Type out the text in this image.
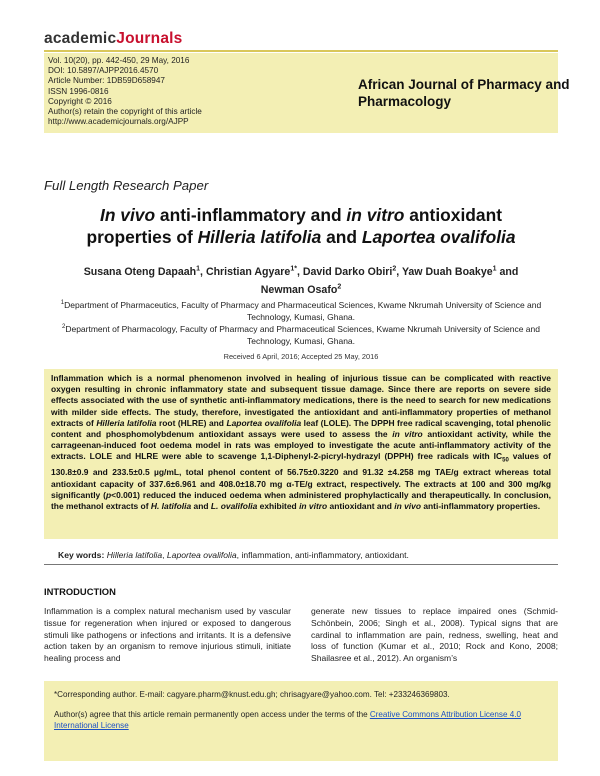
academicJournals
Vol. 10(20), pp. 442-450, 29 May, 2016
DOI: 10.5897/AJPP2016.4570
Article Number: 1DB59D658947
ISSN 1996-0816
Copyright © 2016
Author(s) retain the copyright of this article
http://www.academicjournals.org/AJPP
African Journal of Pharmacy and
Pharmacology
Full Length Research Paper
In vivo anti-inflammatory and in vitro antioxidant
properties of Hilleria latifolia and Laportea ovalifolia
Susana Oteng Dapaah$^1$, Christian Agyare$^{1*}$, David Darko Obiri$^2$, Yaw Duah Boakye$^1$ and
Newman Osafo$^2$
$^1$Department of Pharmaceutics, Faculty of Pharmacy and Pharmaceutical Sciences, Kwame Nkrumah University of Science and Technology, Kumasi, Ghana.
$^2$Department of Pharmacology, Faculty of Pharmacy and Pharmaceutical Sciences, Kwame Nkrumah University of Science and Technology, Kumasi, Ghana.
Received 6 April, 2016; Accepted 25 May, 2016

Inflammation which is a normal phenomenon involved in healing of injurious tissue can be complicated with reactive oxygen resulting in chronic inflammatory state and subsequent tissue damage. Since there are reports on severe side effects associated with the use of synthetic anti-inflammatory medications, there is the need to search for new medications with milder side effects. The study, therefore, investigated the antioxidant and anti-inflammatory properties of methanol extracts of Hilleria latifolia root (HLRE) and Laportea ovalifolia leaf (LOLE). The DPPH free radical scavenging, total phenolic content and phosphomolybdenum antioxidant assays were used to assess the in vitro antioxidant activity, while the carrageenan-induced foot oedema model in rats was employed to investigate the acute anti-inflammatory activity of the extracts. LOLE and HLRE were able to scavenge 1,1-Diphenyl-2-picryl-hydrazyl (DPPH) free radicals with $IC_{50}$ values of 130.8±0.9 and 233.5±0.5 µg/mL, total phenol content of 56.75±0.3220 and 91.32 ±4.258 mg TAE/g extract whereas total antioxidant capacity of 337.6±6.961 and 408.0±18.70 mg α-TE/g extract, respectively. The extracts at 100 and 300 mg/kg significantly (p<0.001) reduced the induced oedema when administered prophylactically and therapeutically. In conclusion, the methanol extracts of H. latifolia and L. ovalifolia exhibited in vitro antioxidant and in vivo anti-inflammatory properties.

Key words: Hilleria latifolia, Laportea ovalifolia, inflammation, anti-inflammatory, antioxidant.
INTRODUCTION
Inflammation is a complex natural mechanism used by vascular tissue for regeneration when injured or exposed to dangerous stimuli like pathogens or infections and irritants. It is a defensive action taken by an organism to remove injurious stimuli, initiate healing process and
generate new tissues to replace impaired ones (Schmid-Schönbein, 2006; Singh et al., 2008). Typical signs that are cardinal to inflammation are pain, redness, swelling, heat and loss of function (Kumar et al., 2010; Rock and Kono, 2008; Shailasree et al., 2012). An organism’s
*Corresponding author. E-mail: cagyare.pharm@knust.edu.gh; chrisagyare@yahoo.com. Tel: +233246369803.
Author(s) agree that this article remain permanently open access under the terms of the Creative Commons Attribution License 4.0 International License
